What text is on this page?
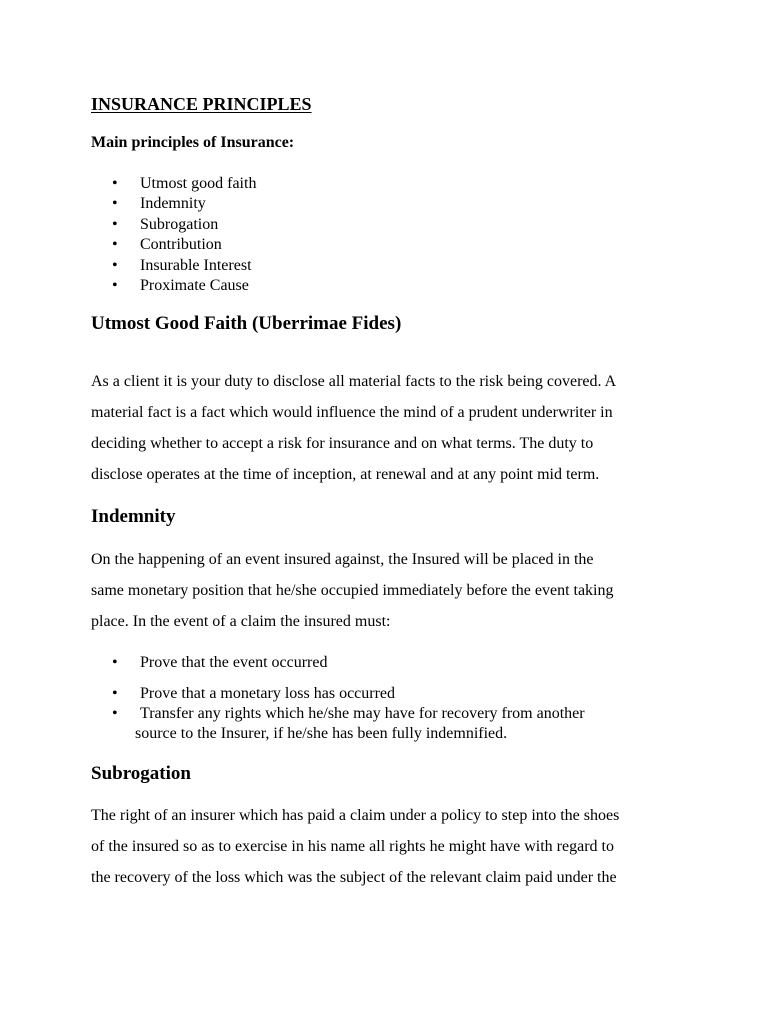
INSURANCE PRINCIPLES
Main principles of Insurance:
• Utmost good faith
• Indemnity
• Subrogation
• Contribution
• Insurable Interest
• Proximate Cause
Utmost Good Faith (Uberrimae Fides)
As a client it is your duty to disclose all material facts to the risk being covered. A
material fact is a fact which would influence the mind of a prudent underwriter in
deciding whether to accept a risk for insurance and on what terms. The duty to
disclose operates at the time of inception, at renewal and at any point mid term.
Indemnity
On the happening of an event insured against, the Insured will be placed in the
same monetary position that he/she occupied immediately before the event taking
place. In the event of a claim the insured must:
• Prove that the event occurred
• Prove that a monetary loss has occurred
• Transfer any rights which he/she may have for recovery from another
source to the Insurer, if he/she has been fully indemnified.
Subrogation
The right of an insurer which has paid a claim under a policy to step into the shoes
of the insured so as to exercise in his name all rights he might have with regard to
the recovery of the loss which was the subject of the relevant claim paid under the
